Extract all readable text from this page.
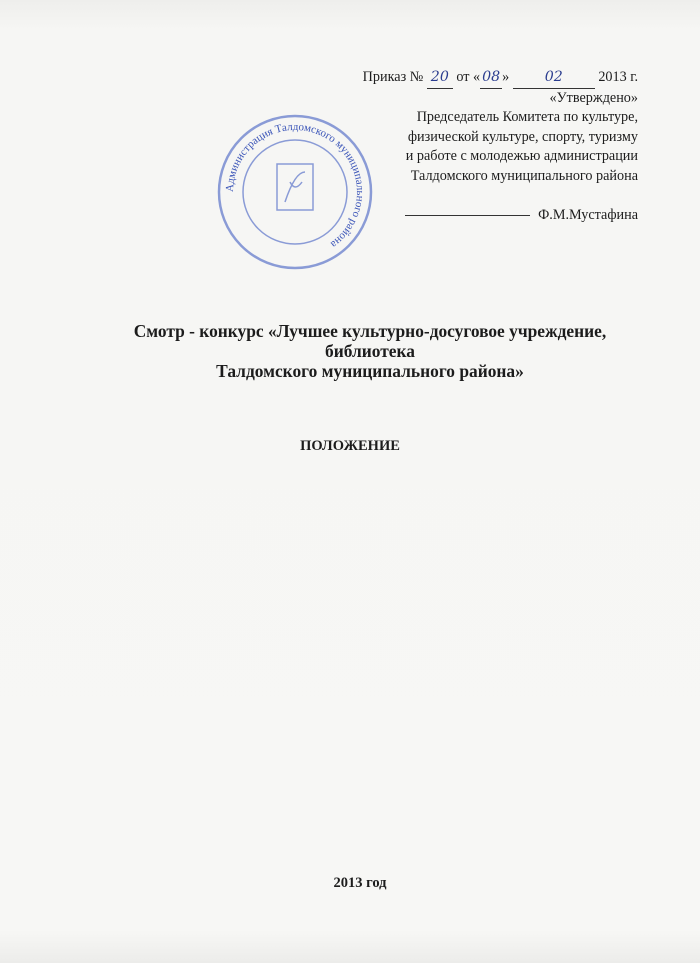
Администрация Талдомского муниципального района
Приказ № 20 от « 08 »	02	2013 г.
«Утверждено»
Председатель Комитета по культуре,
физической культуре, спорту, туризму
и работе с молодежью администрации
Талдомского муниципального района
Ф.М.Мустафина
Смотр - конкурс «Лучшее культурно-досуговое учреждение,
библиотека
Талдомского муниципального района»
ПОЛОЖЕНИЕ
2013 год
